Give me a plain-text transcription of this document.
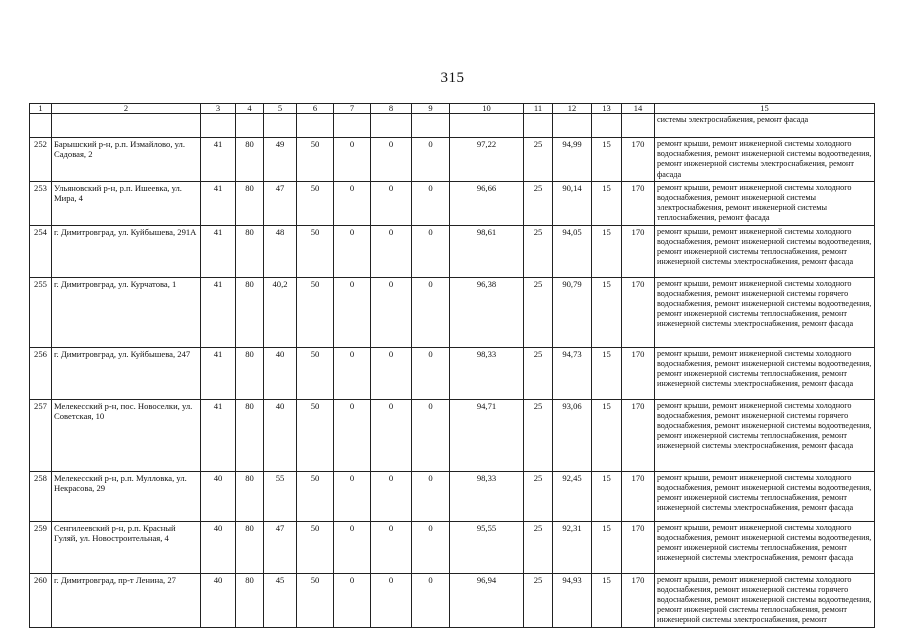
315
1	2	3	4	5	6	7	8	9	10	11	12	13	14	15
														системы электроснабжения, ремонт фасада
252	Барышский р-н, р.п. Измайлово, ул. Садовая, 2	41	80	49	50	0	0	0	97,22	25	94,99	15	170	ремонт крыши, ремонт инженерной системы холодного водоснабжения, ремонт инженерной системы водоотведения, ремонт инженерной системы электроснабжения, ремонт фасада
253	Ульяновский р-н, р.п. Ишеевка, ул. Мира, 4	41	80	47	50	0	0	0	96,66	25	90,14	15	170	ремонт крыши, ремонт инженерной системы холодного водоснабжения, ремонт инженерной системы электроснабжения, ремонт инженерной системы теплоснабжения, ремонт фасада
254	г. Димитровград, ул. Куйбышева, 291А	41	80	48	50	0	0	0	98,61	25	94,05	15	170	ремонт крыши, ремонт инженерной системы холодного водоснабжения, ремонт инженерной системы водоотведения, ремонт инженерной системы теплоснабжения, ремонт инженерной системы электроснабжения, ремонт фасада
255	г. Димитровград, ул. Курчатова, 1	41	80	40,2	50	0	0	0	96,38	25	90,79	15	170	ремонт крыши, ремонт инженерной системы холодного водоснабжения, ремонт инженерной системы горячего водоснабжения, ремонт инженерной системы водоотведения, ремонт инженерной системы теплоснабжения, ремонт инженерной системы электроснабжения, ремонт фасада
256	г. Димитровград, ул. Куйбышева, 247	41	80	40	50	0	0	0	98,33	25	94,73	15	170	ремонт крыши, ремонт инженерной системы холодного водоснабжения, ремонт инженерной системы водоотведения, ремонт инженерной системы теплоснабжения, ремонт инженерной системы электроснабжения, ремонт фасада
257	Мелекесский р-н, пос. Новоселки, ул. Советская, 10	41	80	40	50	0	0	0	94,71	25	93,06	15	170	ремонт крыши, ремонт инженерной системы холодного водоснабжения, ремонт инженерной системы горячего водоснабжения, ремонт инженерной системы водоотведения, ремонт инженерной системы теплоснабжения, ремонт инженерной системы электроснабжения, ремонт фасада
258	Мелекесский р-н, р.п. Мулловка, ул. Некрасова, 29	40	80	55	50	0	0	0	98,33	25	92,45	15	170	ремонт крыши, ремонт инженерной системы холодного водоснабжения, ремонт инженерной системы водоотведения, ремонт инженерной системы теплоснабжения, ремонт инженерной системы электроснабжения, ремонт фасада
259	Сенгилеевский р-н, р.п. Красный Гуляй, ул. Новостроительная, 4	40	80	47	50	0	0	0	95,55	25	92,31	15	170	ремонт крыши, ремонт инженерной системы холодного водоснабжения, ремонт инженерной системы водоотведения, ремонт инженерной системы теплоснабжения, ремонт инженерной системы электроснабжения, ремонт фасада
260	г. Димитровград, пр-т Ленина, 27	40	80	45	50	0	0	0	96,94	25	94,93	15	170	ремонт крыши, ремонт инженерной системы холодного водоснабжения, ремонт инженерной системы горячего водоснабжения, ремонт инженерной системы водоотведения, ремонт инженерной системы теплоснабжения, ремонт инженерной системы электроснабжения, ремонт
